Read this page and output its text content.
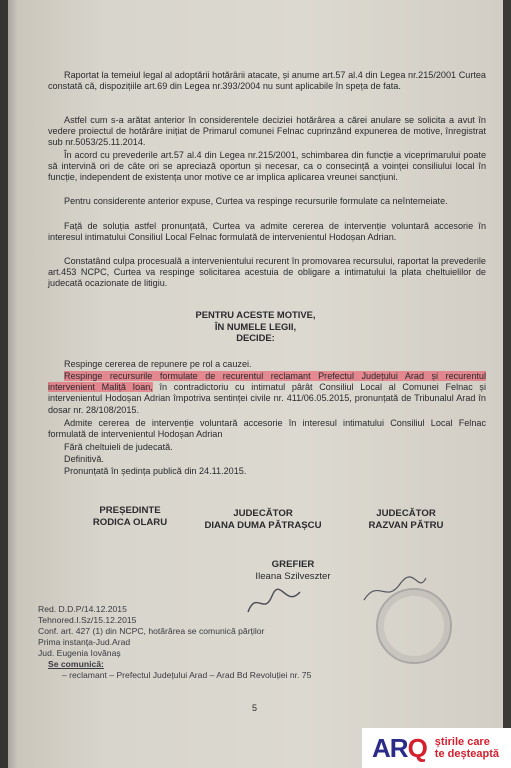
Raportat la temeiul legal al adoptării hotărârii atacate, și anume art.57 al.4 din Legea nr.215/2001 Curtea constată că, dispozițiile art.69 din Legea nr.393/2004 nu sunt aplicabile în speța de fata.
Astfel cum s-a arătat anterior în considerentele deciziei hotărârea a cărei anulare se solicita a avut în vedere proiectul de hotărâre inițiat de Primarul comunei Felnac cuprinzând expunerea de motive, înregistrat sub nr.5053/25.11.2014.
În acord cu prevederile art.57 al.4 din Legea nr.215/2001, schimbarea din funcție a viceprimarului poate să intervină ori de câte ori se apreciază oportun și necesar, ca o consecință a voinței consiliului local în funcție, independent de existența unor motive ce ar implica aplicarea vreunei sancțiuni.
Pentru considerente anterior expuse, Curtea va respinge recursurile formulate ca neîntemeiate.
Față de soluția astfel pronunțată, Curtea va admite cererea de intervenție voluntară accesorie în interesul intimatului Consiliul Local Felnac formulată de intervenientul Hodoșan Adrian.
Constatând culpa procesuală a intervenientului recurent în promovarea recursului, raportat la prevederile art.453 NCPC, Curtea va respinge solicitarea acestuia de obligare a intimatului la plata cheltuielilor de judecată ocazionate de litigiu.
PENTRU ACESTE MOTIVE,
ÎN NUMELE LEGII,
DECIDE:
Respinge cererea de repunere pe rol a cauzei.
Respinge recursurile formulate de recurentul reclamant Prefectul Județului Arad și recurentul intervenient Maliță Ioan, în contradictoriu cu intimatul pârât Consiliul Local al Comunei Felnac și intervenientul Hodoșan Adrian împotriva sentinței civile nr. 411/06.05.2015, pronunțată de Tribunalul Arad în dosar nr. 28/108/2015.
Admite cererea de intervenție voluntară accesorie în interesul intimatului Consiliul Local Felnac formulată de intervenientul Hodoșan Adrian
Fără cheltuieli de judecată.
Definitivă.
Pronunțată în ședința publică din 24.11.2015.
PREȘEDINTE
RODICA OLARU
JUDECĂTOR
DIANA DUMA PĂTRAȘCU
JUDECĂTOR
RAZVAN PĂTRU
GREFIER
Ileana Szilveszter
Red. D.D.P/14.12.2015
Tehnored.I.Sz/15.12.2015
Conf. art. 427 (1) din NCPC, hotărârea se comunică părților
Prima instanța-Jud.Arad
Jud. Eugenia Iovănaș
Se comunică:
– reclamant – Prefectul Județului Arad – Arad Bd Revoluției nr. 75
5
AR Q știrile care
te deșteaptă
